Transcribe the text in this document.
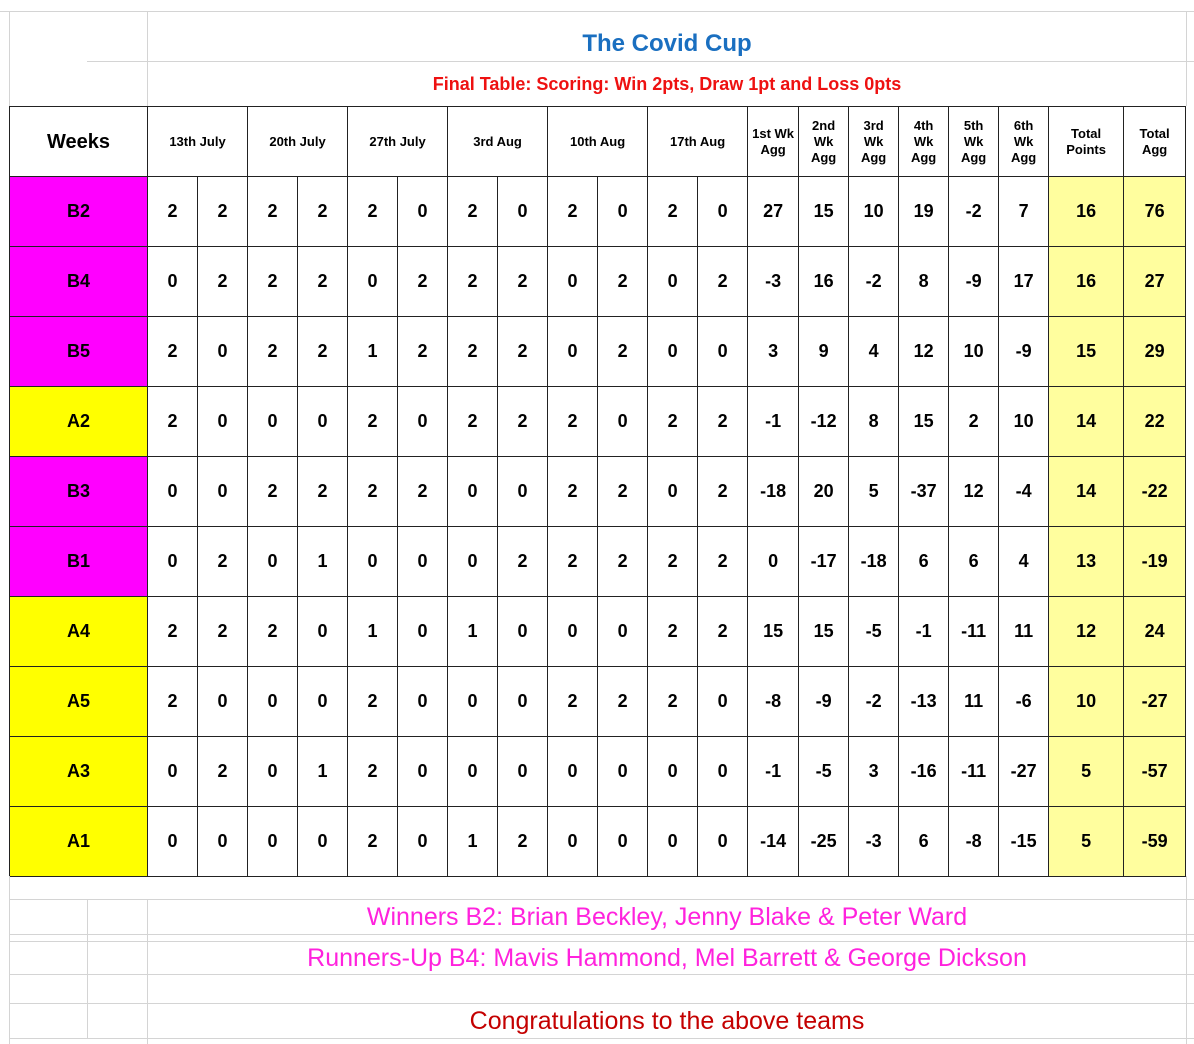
The Covid Cup
Final Table: Scoring: Win 2pts, Draw 1pt and Loss 0pts
Weeks	13th July		20th July		27th July		3rd Aug		10th Aug		17th Aug		1st Wk Agg	2nd Wk Agg	3rd Wk Agg	4th Wk Agg	5th Wk Agg	6th Wk Agg	Total Points	Total Agg

B2	2	2	2	2	2	0	2	0	2	0	2	0	27	15	10	19	-2	7	16	76
B4	0	2	2	2	0	2	2	2	0	2	0	2	-3	16	-2	8	-9	17	16	27
B5	2	0	2	2	1	2	2	2	0	2	0	0	3	9	4	12	10	-9	15	29
A2	2	0	0	0	2	0	2	2	2	0	2	2	-1	-12	8	15	2	10	14	22
B3	0	0	2	2	2	2	0	0	2	2	0	2	-18	20	5	-37	12	-4	14	-22
B1	0	2	0	1	0	0	0	2	2	2	2	2	0	-17	-18	6	6	4	13	-19
A4	2	2	2	0	1	0	1	0	0	0	2	2	15	15	-5	-1	-11	11	12	24
A5	2	0	0	0	2	0	0	0	2	2	2	0	-8	-9	-2	-13	11	-6	10	-27
A3	0	2	0	1	2	0	0	0	0	0	0	0	-1	-5	3	-16	-11	-27	5	-57
A1	0	0	0	0	2	0	1	2	0	0	0	0	-14	-25	-3	6	-8	-15	5	-59
Winners B2: Brian Beckley, Jenny Blake & Peter Ward
Runners-Up B4: Mavis Hammond, Mel Barrett & George Dickson
Congratulations to the above teams
